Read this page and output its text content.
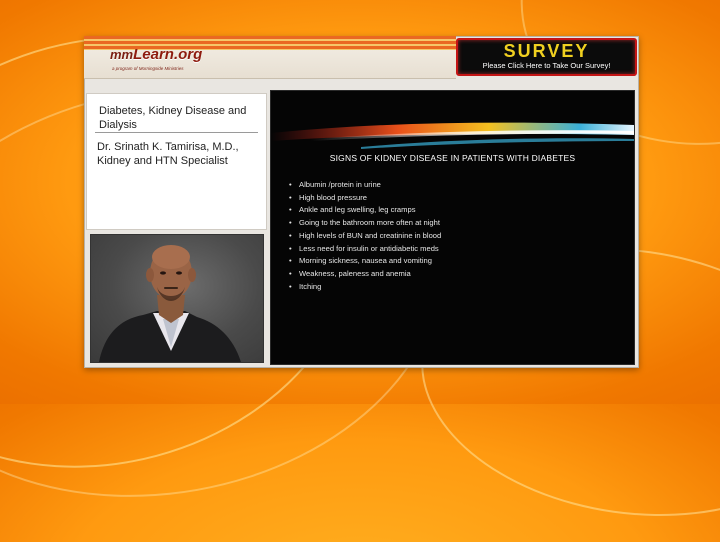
mmLearn.org
a program of Morningside Ministries
SURVEY
Please Click Here to Take Our Survey!
Diabetes, Kidney Disease and Dialysis
Dr. Srinath K. Tamirisa, M.D., Kidney and HTN Specialist	SIGNS OF KIDNEY DISEASE IN PATIENTS WITH DIABETES
• Albumin /protein in urine
• High blood pressure
• Ankle and leg swelling, leg cramps
• Going to the bathroom more often at night
• High levels of BUN and creatinine in blood
• Less need for insulin or antidiabetic meds
• Morning sickness, nausea and vomiting
• Weakness, paleness and anemia
• Itching
